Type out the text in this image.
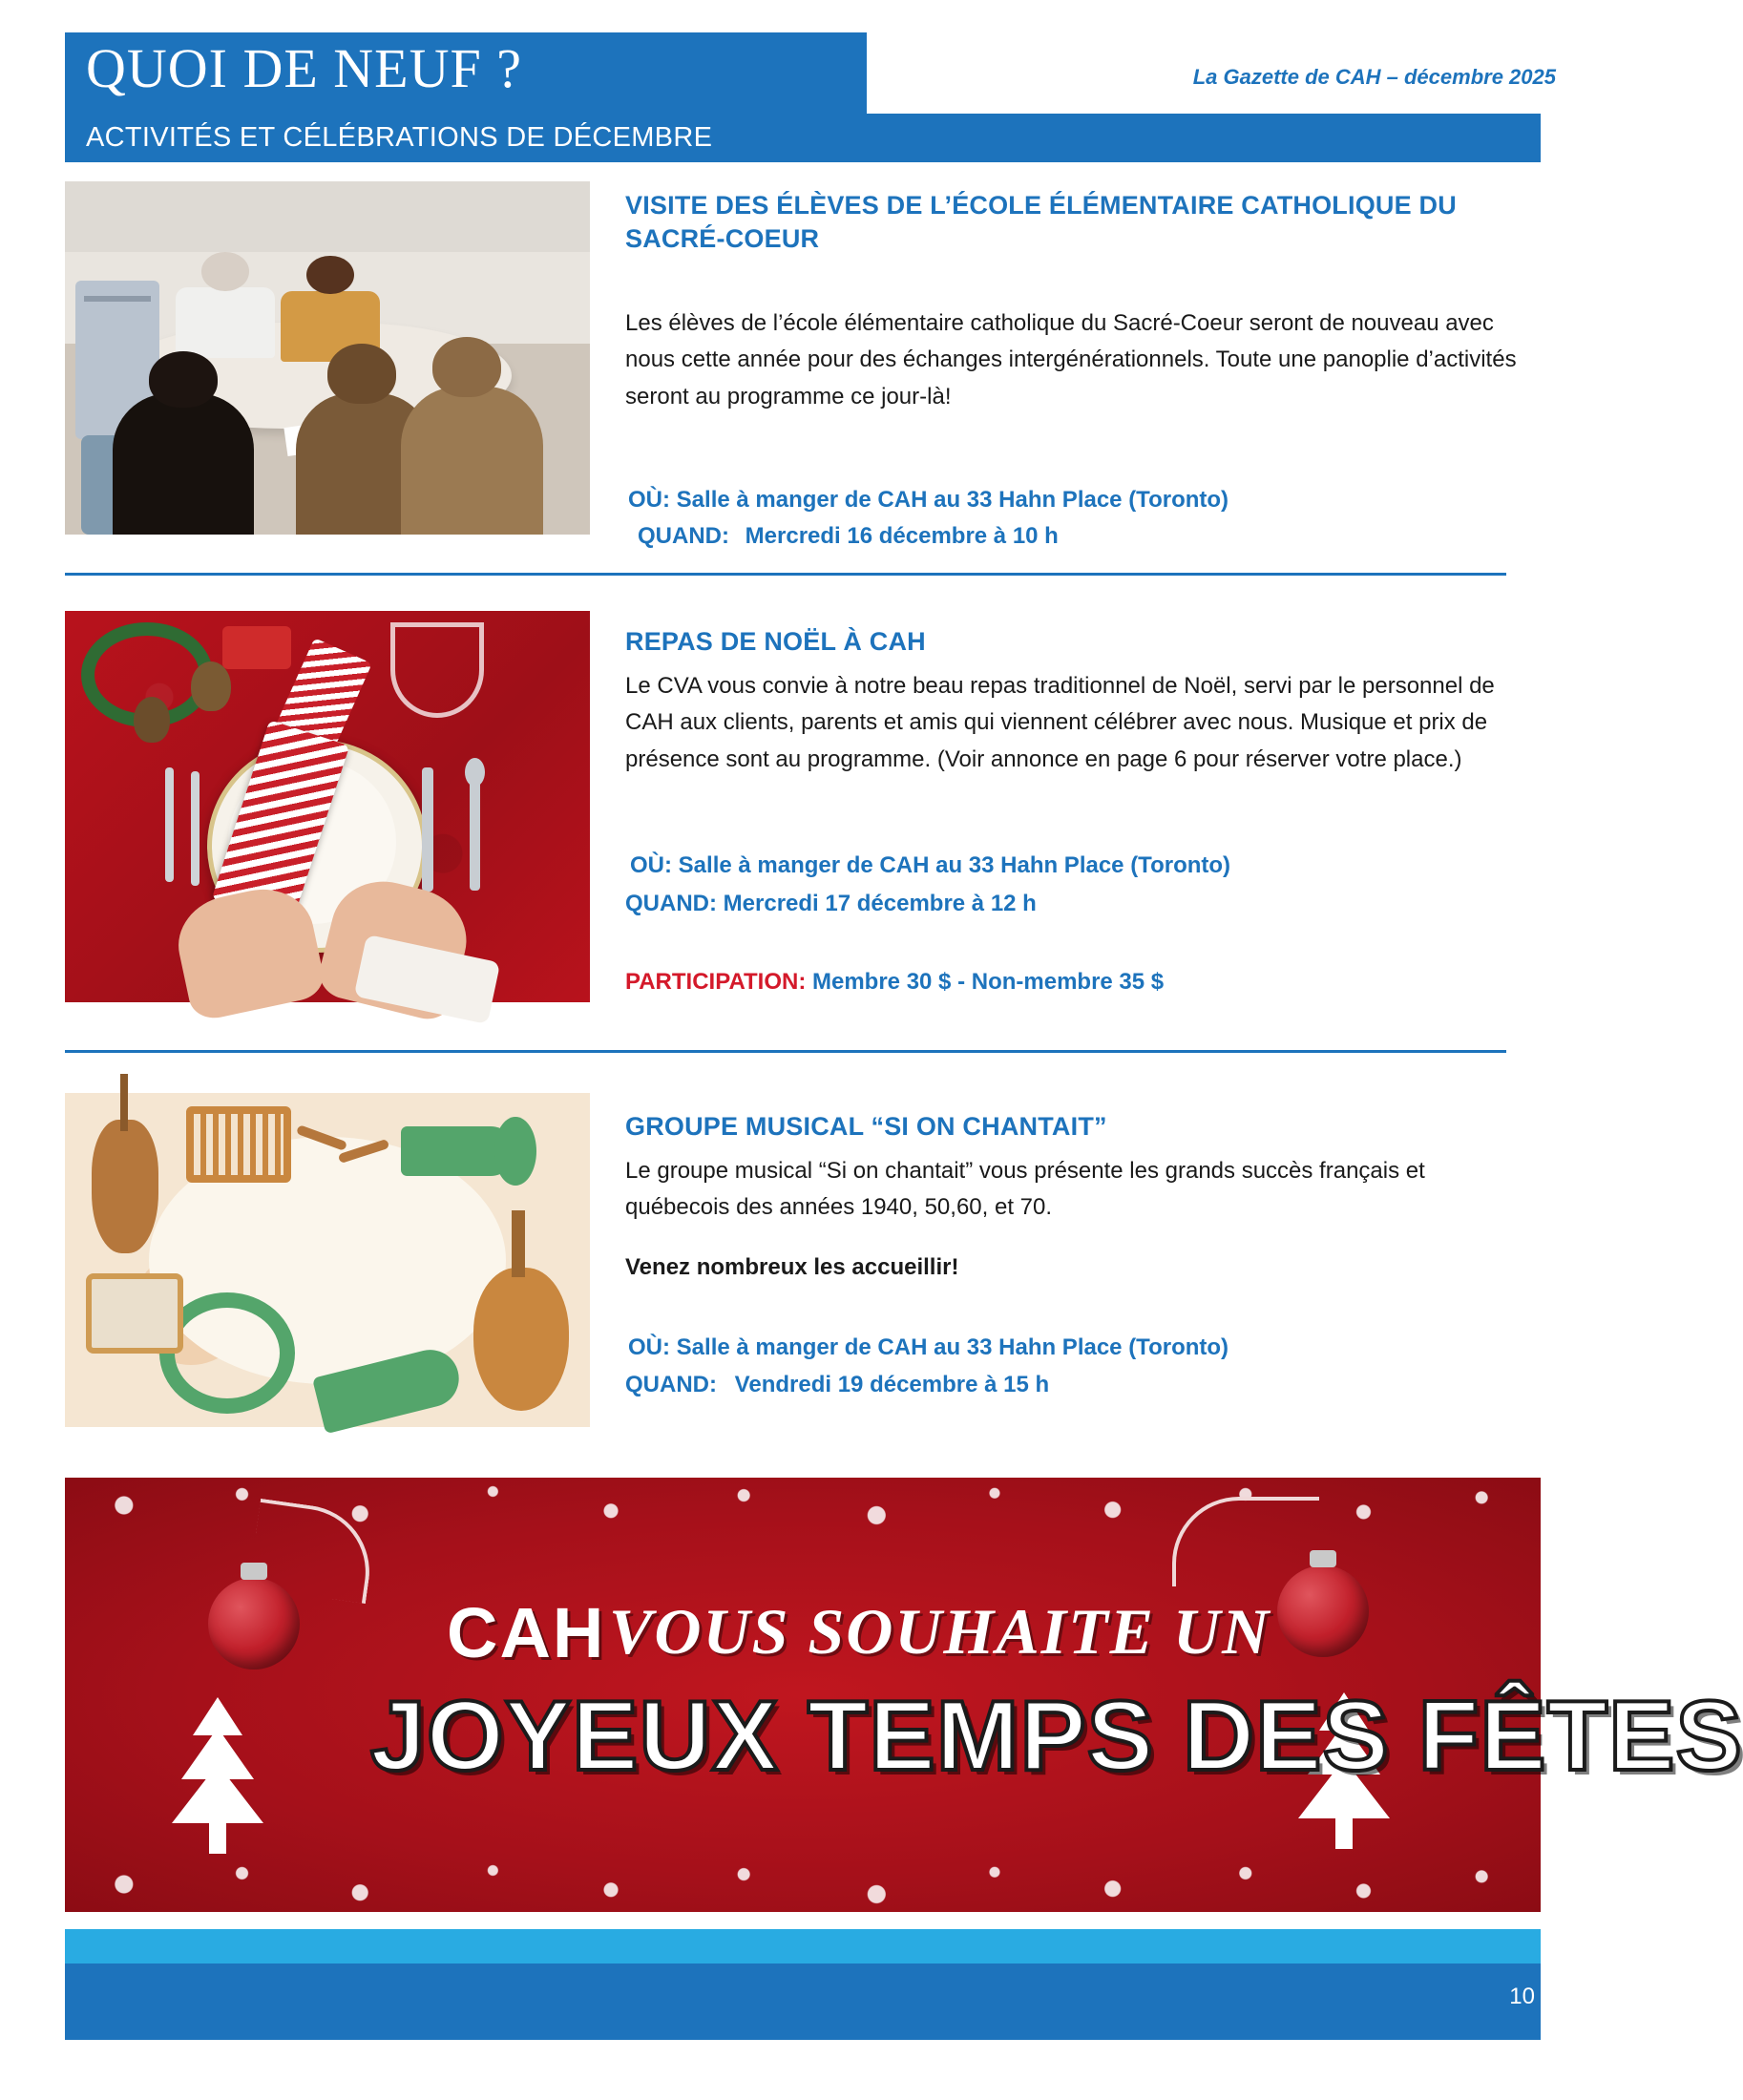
QUOI DE NEUF ?	La Gazette de CAH – décembre 2025
ACTIVITÉS ET CÉLÉBRATIONS DE DÉCEMBRE
VISITE DES ÉLÈVES DE L’ÉCOLE ÉLÉMENTAIRE CATHOLIQUE DU SACRÉ-COEUR
Les élèves de l’école élémentaire catholique du Sacré-Coeur seront de nouveau avec nous cette année pour des échanges intergénérationnels. Toute une panoplie d’activités seront au programme ce jour-là!
OÙ: Salle à manger de CAH au 33 Hahn Place (Toronto)
QUAND: Mercredi 16 décembre à 10 h
REPAS DE NOËL À CAH
Le CVA vous convie à notre beau repas traditionnel de Noël, servi par le personnel de CAH aux clients, parents et amis qui viennent célébrer avec nous. Musique et prix de présence sont au programme. (Voir annonce en page 6 pour réserver votre place.)
OÙ: Salle à manger de CAH au 33 Hahn Place (Toronto)
QUAND: Mercredi 17 décembre à 12 h
PARTICIPATION: Membre 30 $ - Non-membre 35 $
GROUPE MUSICAL “SI ON CHANTAIT”
Le groupe musical “Si on chantait” vous présente les grands succès français et québecois des années 1940, 50,60, et 70.
Venez nombreux les accueillir!
OÙ: Salle à manger de CAH au 33 Hahn Place (Toronto)
QUAND: Vendredi 19 décembre à 15 h
CAH VOUS SOUHAITE UN
JOYEUX TEMPS DES FÊTES
10
